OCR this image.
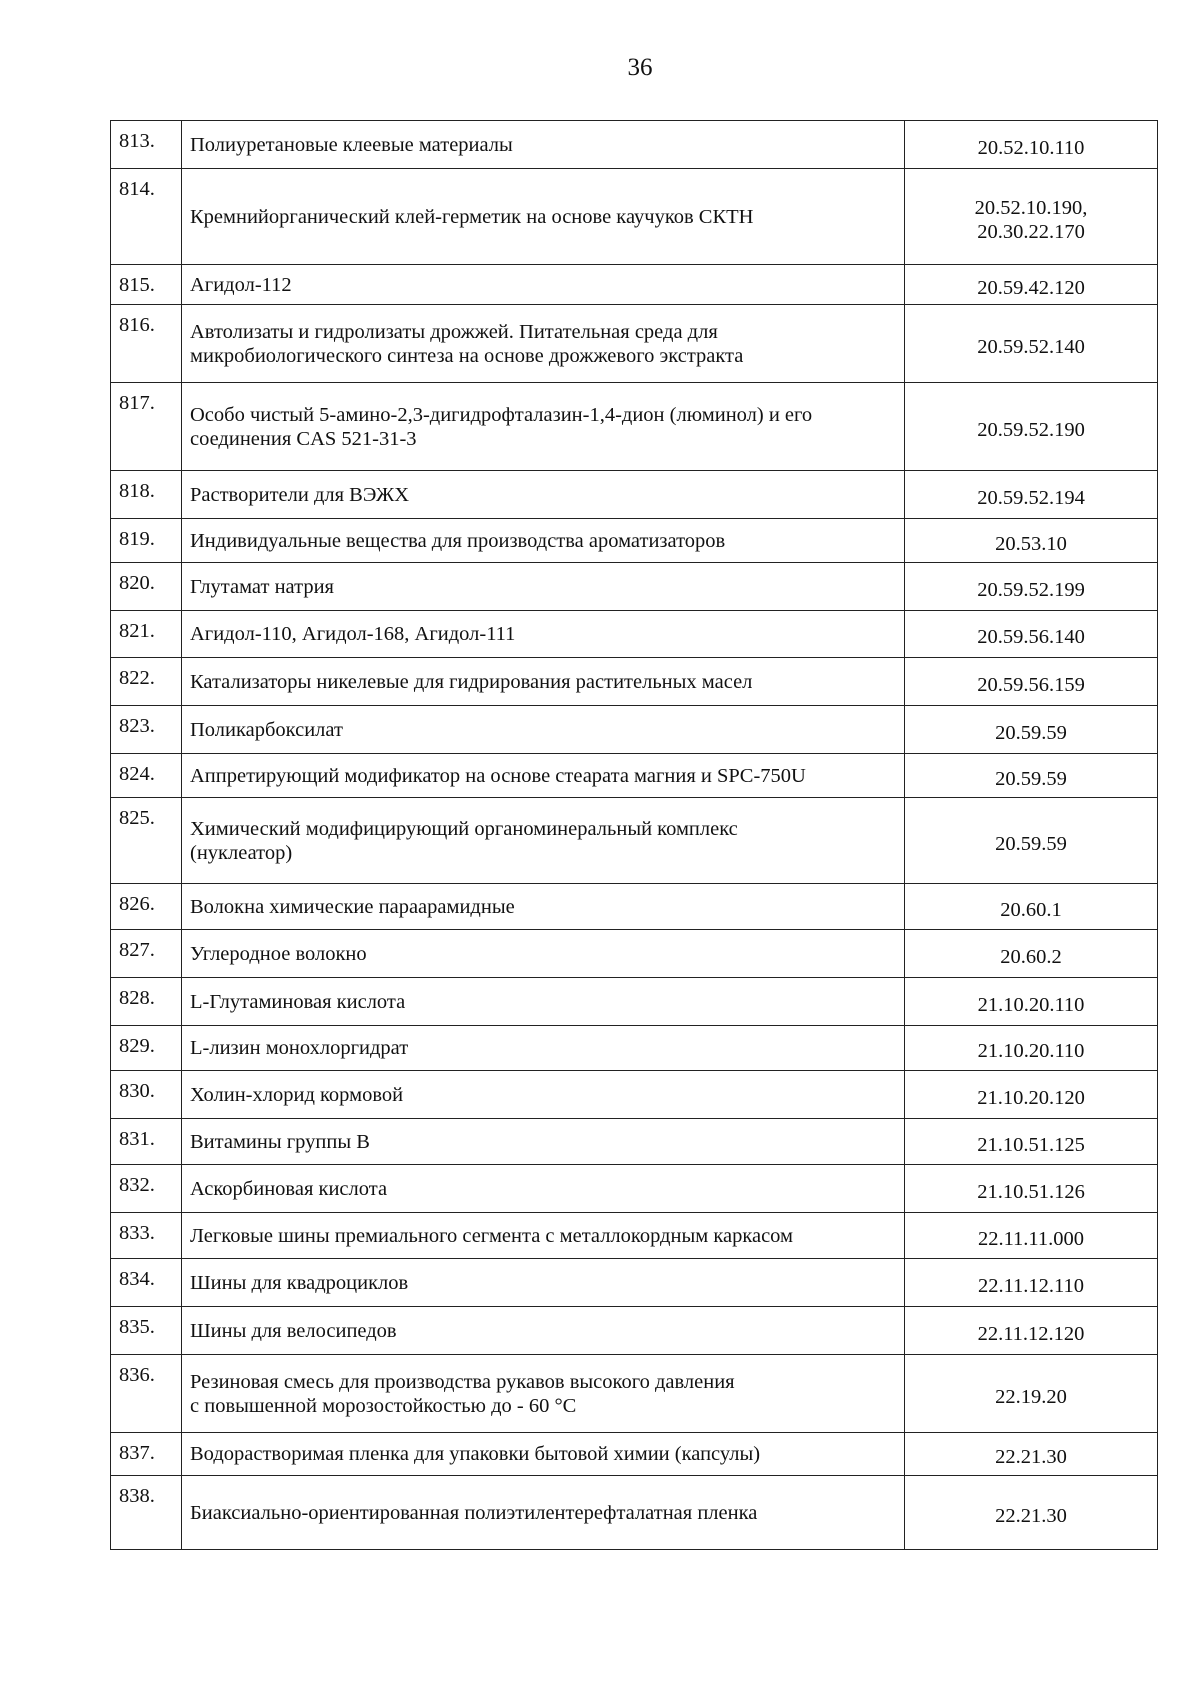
36
813.	Полиуретановые клеевые материалы	20.52.10.110

814.	Кремнийорганический клей-герметик на основе каучуков СКТН	20.52.10.190,
20.30.22.170

815.	Агидол-112	20.59.42.120

816.	Автолизаты и гидролизаты дрожжей. Питательная среда для
микробиологического синтеза на основе дрожжевого экстракта	20.59.52.140

817.	Особо чистый 5-амино-2,3-дигидрофталазин-1,4-дион (люминол) и его
соединения CAS 521-31-3	20.59.52.190

818.	Растворители для ВЭЖХ	20.59.52.194

819.	Индивидуальные вещества для производства ароматизаторов	20.53.10

820.	Глутамат натрия	20.59.52.199

821.	Агидол-110, Агидол-168, Агидол-111	20.59.56.140

822.	Катализаторы никелевые для гидрирования растительных масел	20.59.56.159

823.	Поликарбоксилат	20.59.59

824.	Аппретирующий модификатор на основе стеарата магния и SPC-750U	20.59.59

825.	Химический модифицирующий органоминеральный комплекс
(нуклеатор)	20.59.59

826.	Волокна химические параарамидные	20.60.1

827.	Углеродное волокно	20.60.2

828.	L-Глутаминовая кислота	21.10.20.110

829.	L-лизин монохлоргидрат	21.10.20.110

830.	Холин-хлорид кормовой	21.10.20.120

831.	Витамины группы В	21.10.51.125

832.	Аскорбиновая кислота	21.10.51.126

833.	Легковые шины премиального сегмента с металлокордным каркасом	22.11.11.000

834.	Шины для квадроциклов	22.11.12.110

835.	Шины для велосипедов	22.11.12.120

836.	Резиновая смесь для производства рукавов высокого давления
с повышенной морозостойкостью до - 60 °С	22.19.20

837.	Водорастворимая пленка для упаковки бытовой химии (капсулы)	22.21.30

838.	Биаксиально-ориентированная полиэтилентерефталатная пленка	22.21.30
